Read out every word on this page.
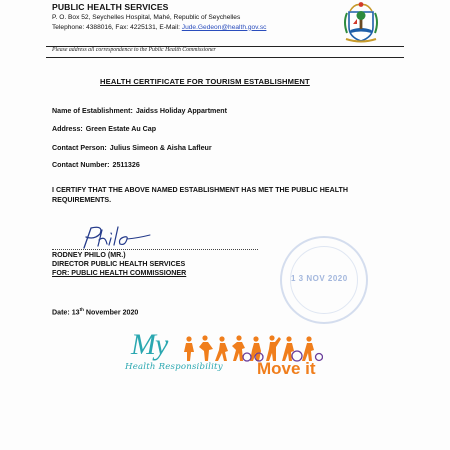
PUBLIC HEALTH SERVICES
P. O. Box 52, Seychelles Hospital, Mahé, Republic of Seychelles
Telephone: 4388016, Fax: 4225131, E-Mail: Jude.Gedeon@health.gov.sc
Please address all correspondence to the Public Health Commissioner
HEALTH CERTIFICATE FOR TOURISM ESTABLISHMENT
Name of Establishment: Jaidss Holiday Appartment
Address: Green Estate Au Cap
Contact Person: Julius Simeon & Aisha Lafleur
Contact Number: 2511326
I CERTIFY THAT THE ABOVE NAMED ESTABLISHMENT HAS MET THE PUBLIC HEALTH REQUIREMENTS.
RODNEY PHILO (MR.)
DIRECTOR PUBLIC HEALTH SERVICES
FOR: PUBLIC HEALTH COMMISSIONER
1 3 NOV 2020
Date: 13th November 2020
My
Health Responsibility Move it
